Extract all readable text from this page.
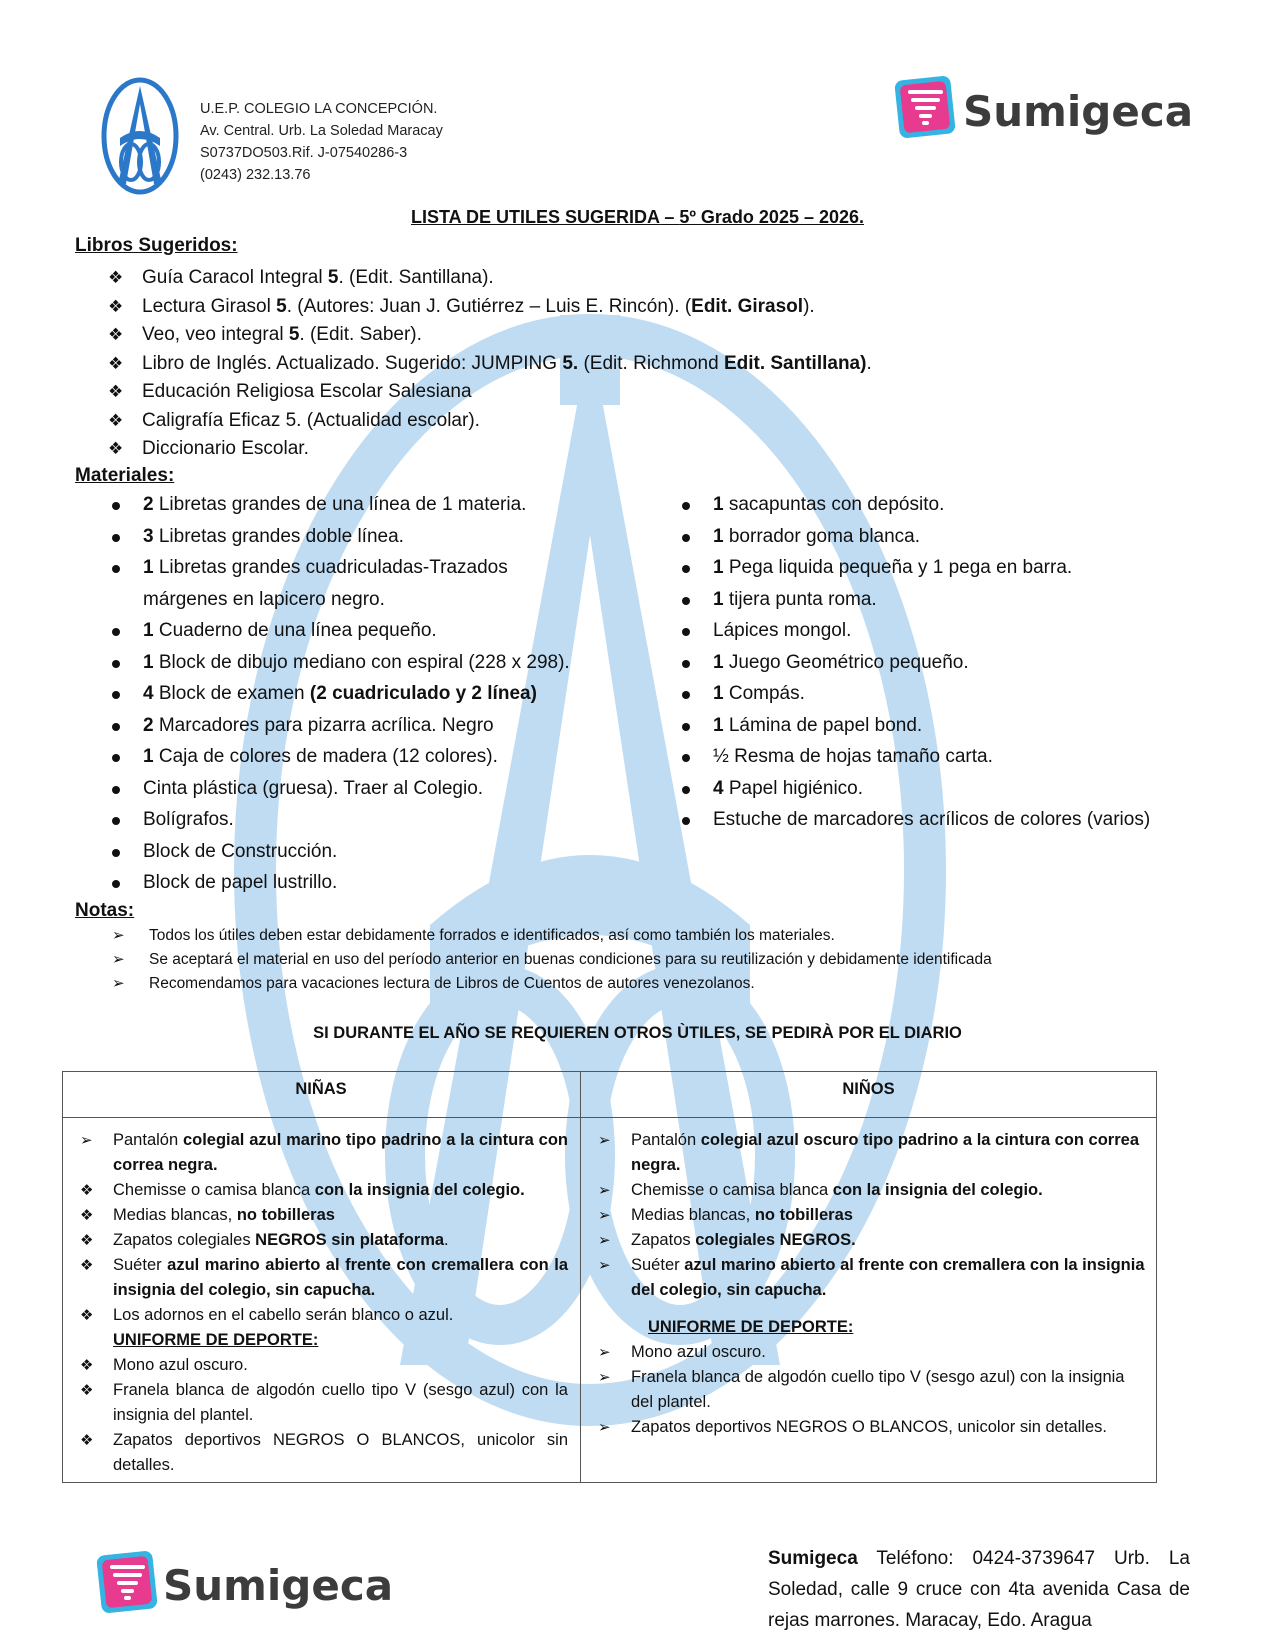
U.E.P. COLEGIO LA CONCEPCIÓN.
Av. Central. Urb. La Soledad Maracay
S0737DO503.Rif. J-07540286-3
(0243) 232.13.76
Sumigeca
LISTA DE UTILES SUGERIDA – 5º Grado 2025 – 2026.
Libros Sugeridos:
❖ Guía Caracol Integral 5. (Edit. Santillana).
❖ Lectura Girasol 5. (Autores: Juan J. Gutiérrez – Luis E. Rincón). (Edit. Girasol).
❖ Veo, veo integral 5. (Edit. Saber).
❖ Libro de Inglés. Actualizado. Sugerido: JUMPING 5. (Edit. Richmond Edit. Santillana).
❖ Educación Religiosa Escolar Salesiana
❖ Caligrafía Eficaz 5. (Actualidad escolar).
❖ Diccionario Escolar.
Materiales:
2 Libretas grandes de una línea de 1 materia.
3 Libretas grandes doble línea.
1 Libretas grandes cuadriculadas-Trazados márgenes en lapicero negro.
1 Cuaderno de una línea pequeño.
1 Block de dibujo mediano con espiral (228 x 298).
4 Block de examen (2 cuadriculado y 2 línea)
2 Marcadores para pizarra acrílica. Negro
1 Caja de colores de madera (12 colores).
Cinta plástica (gruesa). Traer al Colegio.
Bolígrafos.
Block de Construcción.
Block de papel lustrillo.
1 sacapuntas con depósito.
1 borrador goma blanca.
1 Pega liquida pequeña y 1 pega en barra.
1 tijera punta roma.
Lápices mongol.
1 Juego Geométrico pequeño.
1 Compás.
1 Lámina de papel bond.
½ Resma de hojas tamaño carta.
4 Papel higiénico.
Estuche de marcadores acrílicos de colores (varios)
Notas:
➢ Todos los útiles deben estar debidamente forrados e identificados, así como también los materiales.
➢ Se aceptará el material en uso del período anterior en buenas condiciones para su reutilización y debidamente identificada
➢ Recomendamos para vacaciones lectura de Libros de Cuentos de autores venezolanos.
SI DURANTE EL AÑO SE REQUIEREN OTROS ÙTILES, SE PEDIRÀ POR EL DIARIO
NIÑAS	NIÑOS
➢ Pantalón colegial azul marino tipo padrino a la cintura con correa negra.
❖ Chemisse o camisa blanca con la insignia del colegio.
❖ Medias blancas, no tobilleras
❖ Zapatos colegiales NEGROS sin plataforma.
❖ Suéter azul marino abierto al frente con cremallera con la insignia del colegio, sin capucha.
❖ Los adornos en el cabello serán blanco o azul.
UNIFORME DE DEPORTE:
❖ Mono azul oscuro.
❖ Franela blanca de algodón cuello tipo V (sesgo azul) con la insignia del plantel.
❖ Zapatos deportivos NEGROS O BLANCOS, unicolor sin detalles.
➢ Pantalón colegial azul oscuro tipo padrino a la cintura con correa negra.
➢ Chemisse o camisa blanca con la insignia del colegio.
➢ Medias blancas, no tobilleras
➢ Zapatos colegiales NEGROS.
➢ Suéter azul marino abierto al frente con cremallera con la insignia del colegio, sin capucha.
UNIFORME DE DEPORTE:
➢ Mono azul oscuro.
➢ Franela blanca de algodón cuello tipo V (sesgo azul) con la insignia del plantel.
➢ Zapatos deportivos NEGROS O BLANCOS, unicolor sin detalles.
Sumigeca
Sumigeca Teléfono: 0424-3739647 Urb. La Soledad, calle 9 cruce con 4ta avenida Casa de rejas marrones. Maracay, Edo. Aragua
